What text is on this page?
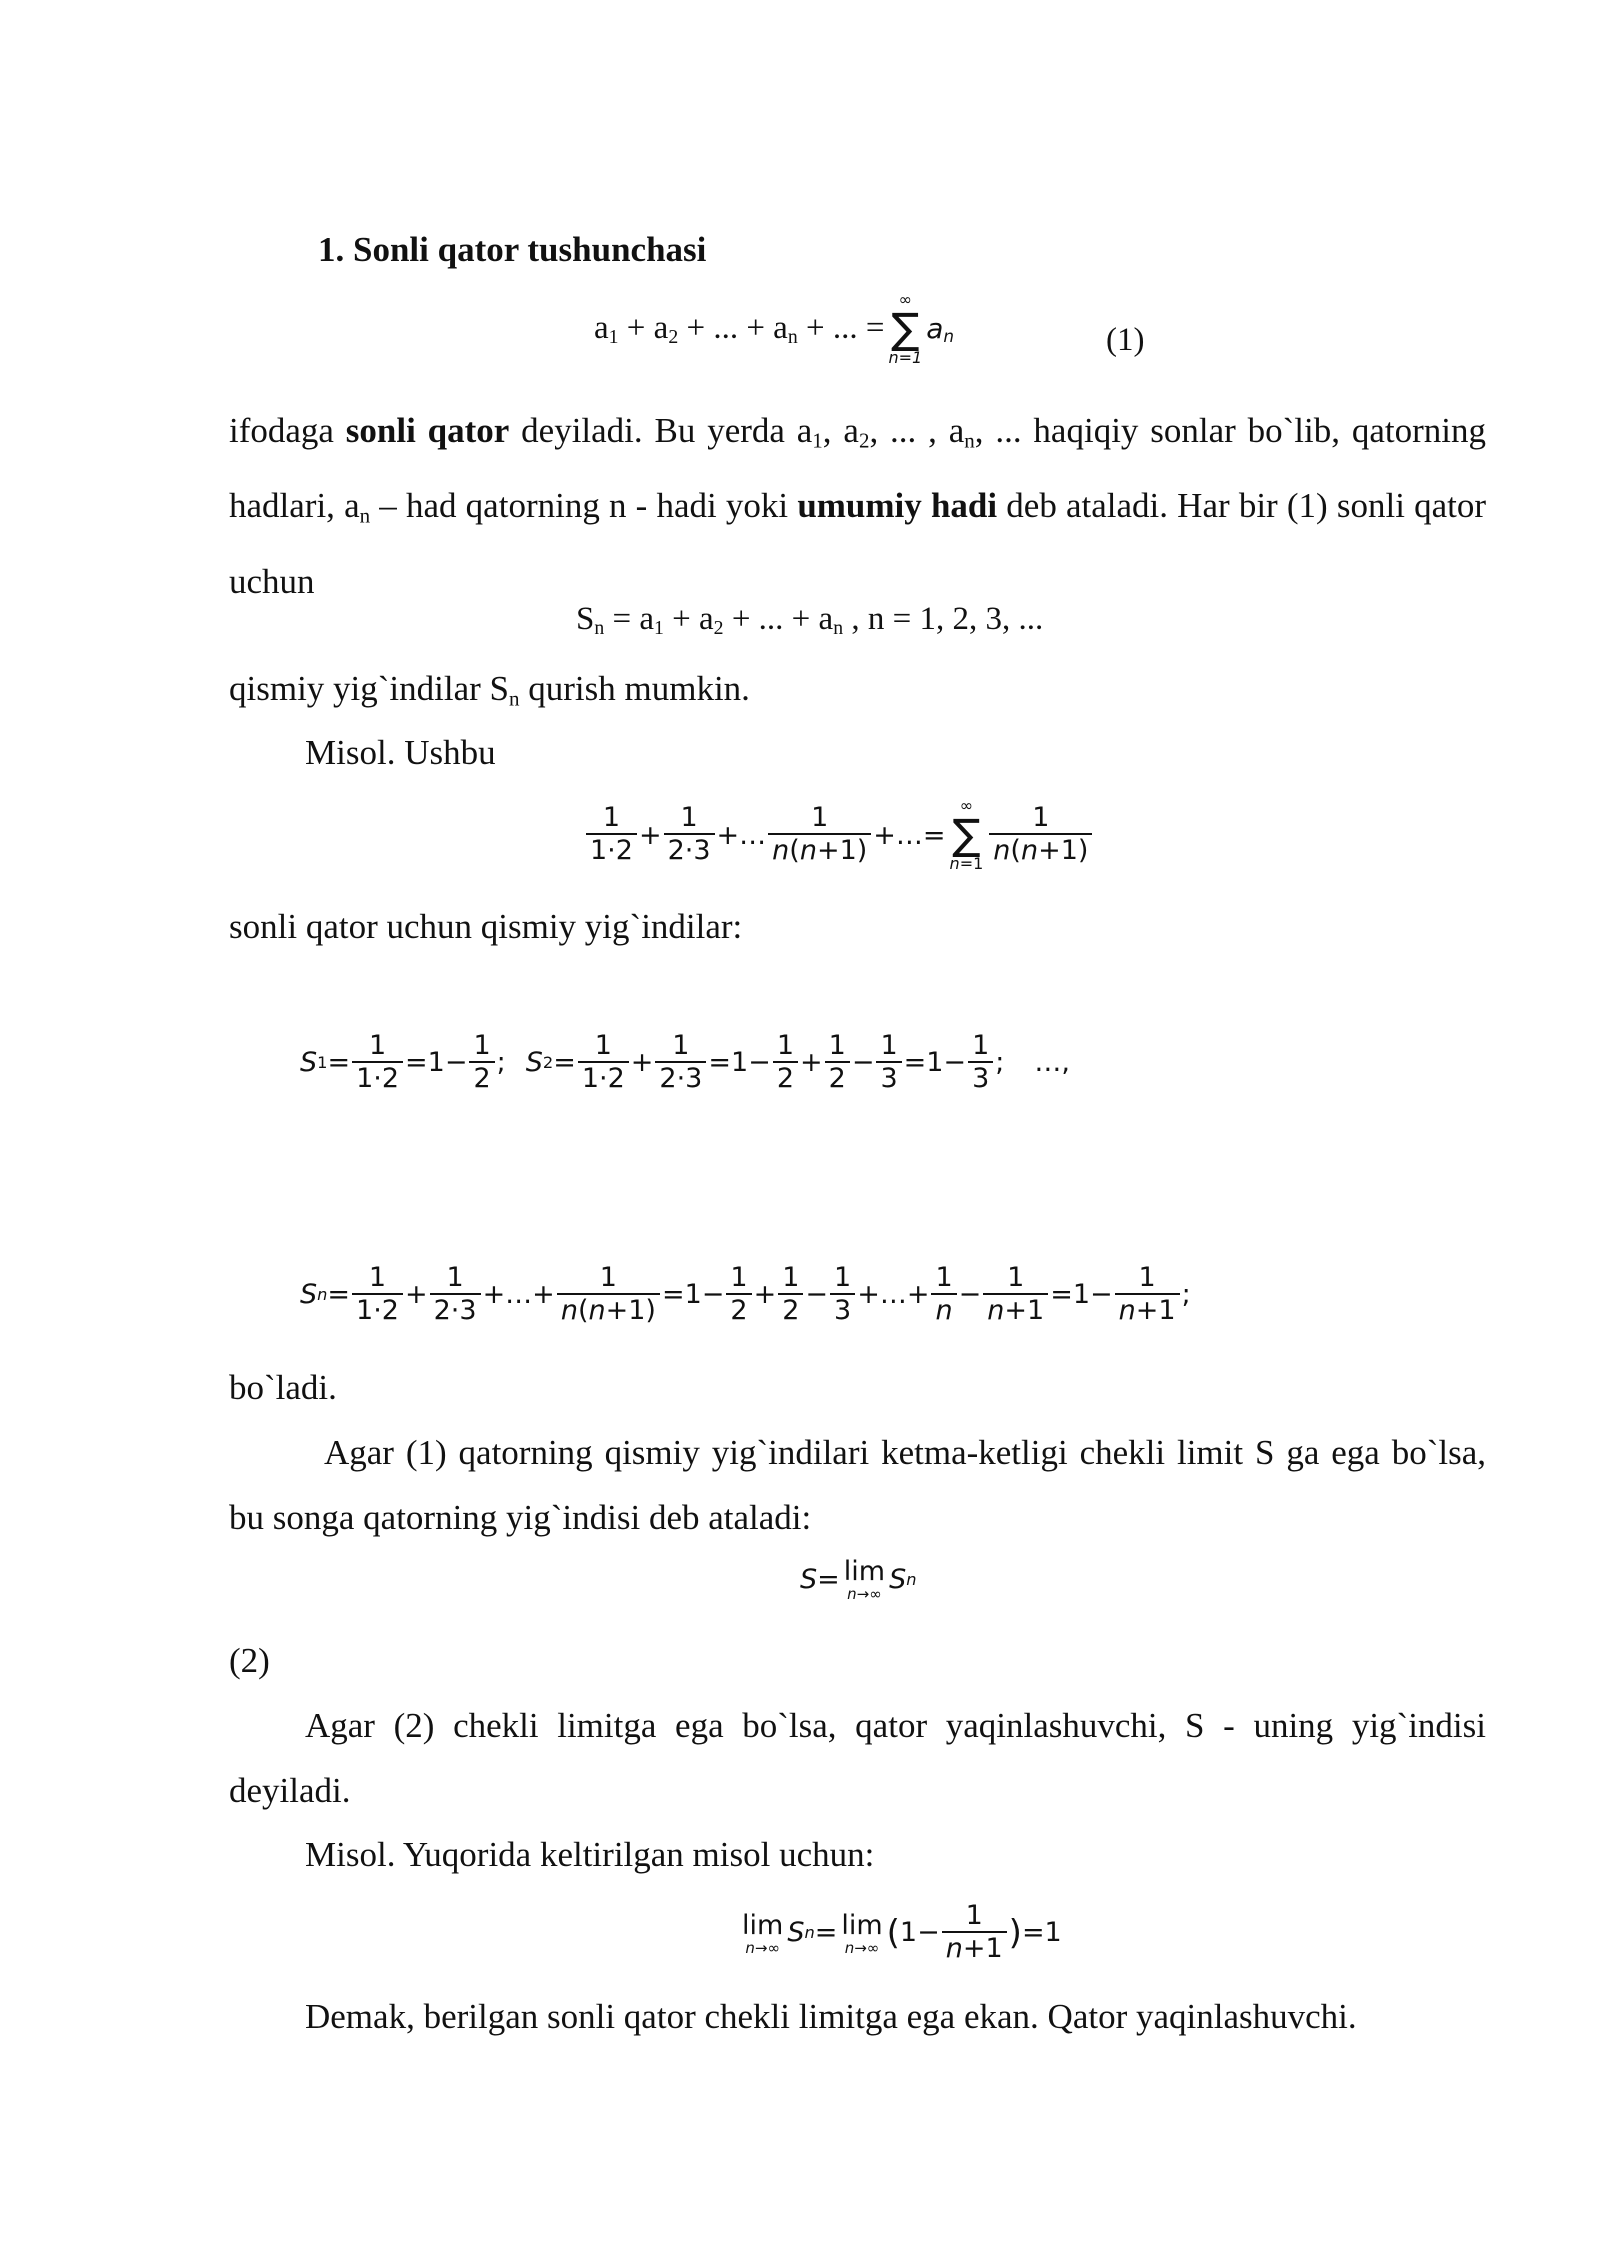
1. Sonli qator tushunchasi
$a_1 + a_2$ + ... + $a_n$ + ... =
∞
∑
n=1
$a_n$	(1)
ifodaga sonli qator deyiladi. Bu yerda $a_1$, $a_2$, ... , $a_n$, ... haqiqiy sonlar bo`lib, qatorning hadlari, $a_n$ – had qatorning n - hadi yoki umumiy hadi deb ataladi. Har bir (1) sonli qator uchun
$S_n = a_1 + a_2$ + ... + $a_n$ , n = 1, 2, 3, ...
qismiy yig`indilar $S_n$ qurish mumkin.
Misol. Ushbu
$\frac{1}{1\cdot 2} + \frac{1}{2\cdot 3}$ +… $\frac{1}{n(n+1)}$ +…=
∞
∑
$n=1 \frac{1}{n(n+1)}$
sonli qator uchun qismiy yig`indilar:
S $1 = \frac{1}{1\cdot 2} =1- \frac{1}{2}$ ; S $2 = \frac{1}{1\cdot 2} + \frac{1}{2\cdot 3} =1- \frac{1}{2} + \frac{1}{2} - \frac{1}{3} =1- \frac{1}{3}$ ; …,
S $n = \frac{1}{1\cdot 2} + \frac{1}{2\cdot 3}$ +…+ $\frac{1}{n(n+1)} =1- \frac{1}{2} + \frac{1}{2} - \frac{1}{3}$ +…+ $\frac{1}{n} - \frac{1}{n+1} =1- \frac{1}{n+1}$ ;
bo`ladi.
Agar (1) qatorning qismiy yig`indilari ketma-ketligi chekli limit S ga ega bo`lsa, bu songa qatorning yig`indisi deb ataladi:
S = lim
n→∞ S n
(2)
Agar (2) chekli limitga ega bo`lsa, qator yaqinlashuvchi, S - uning yig`indisi deyiladi.
Misol. Yuqorida keltirilgan misol uchun:
lim
n→∞ S n = lim
n→∞ ( $1- \frac{1}{n+1}$ ) =1
Demak, berilgan sonli qator chekli limitga ega ekan. Qator yaqinlashuvchi.
